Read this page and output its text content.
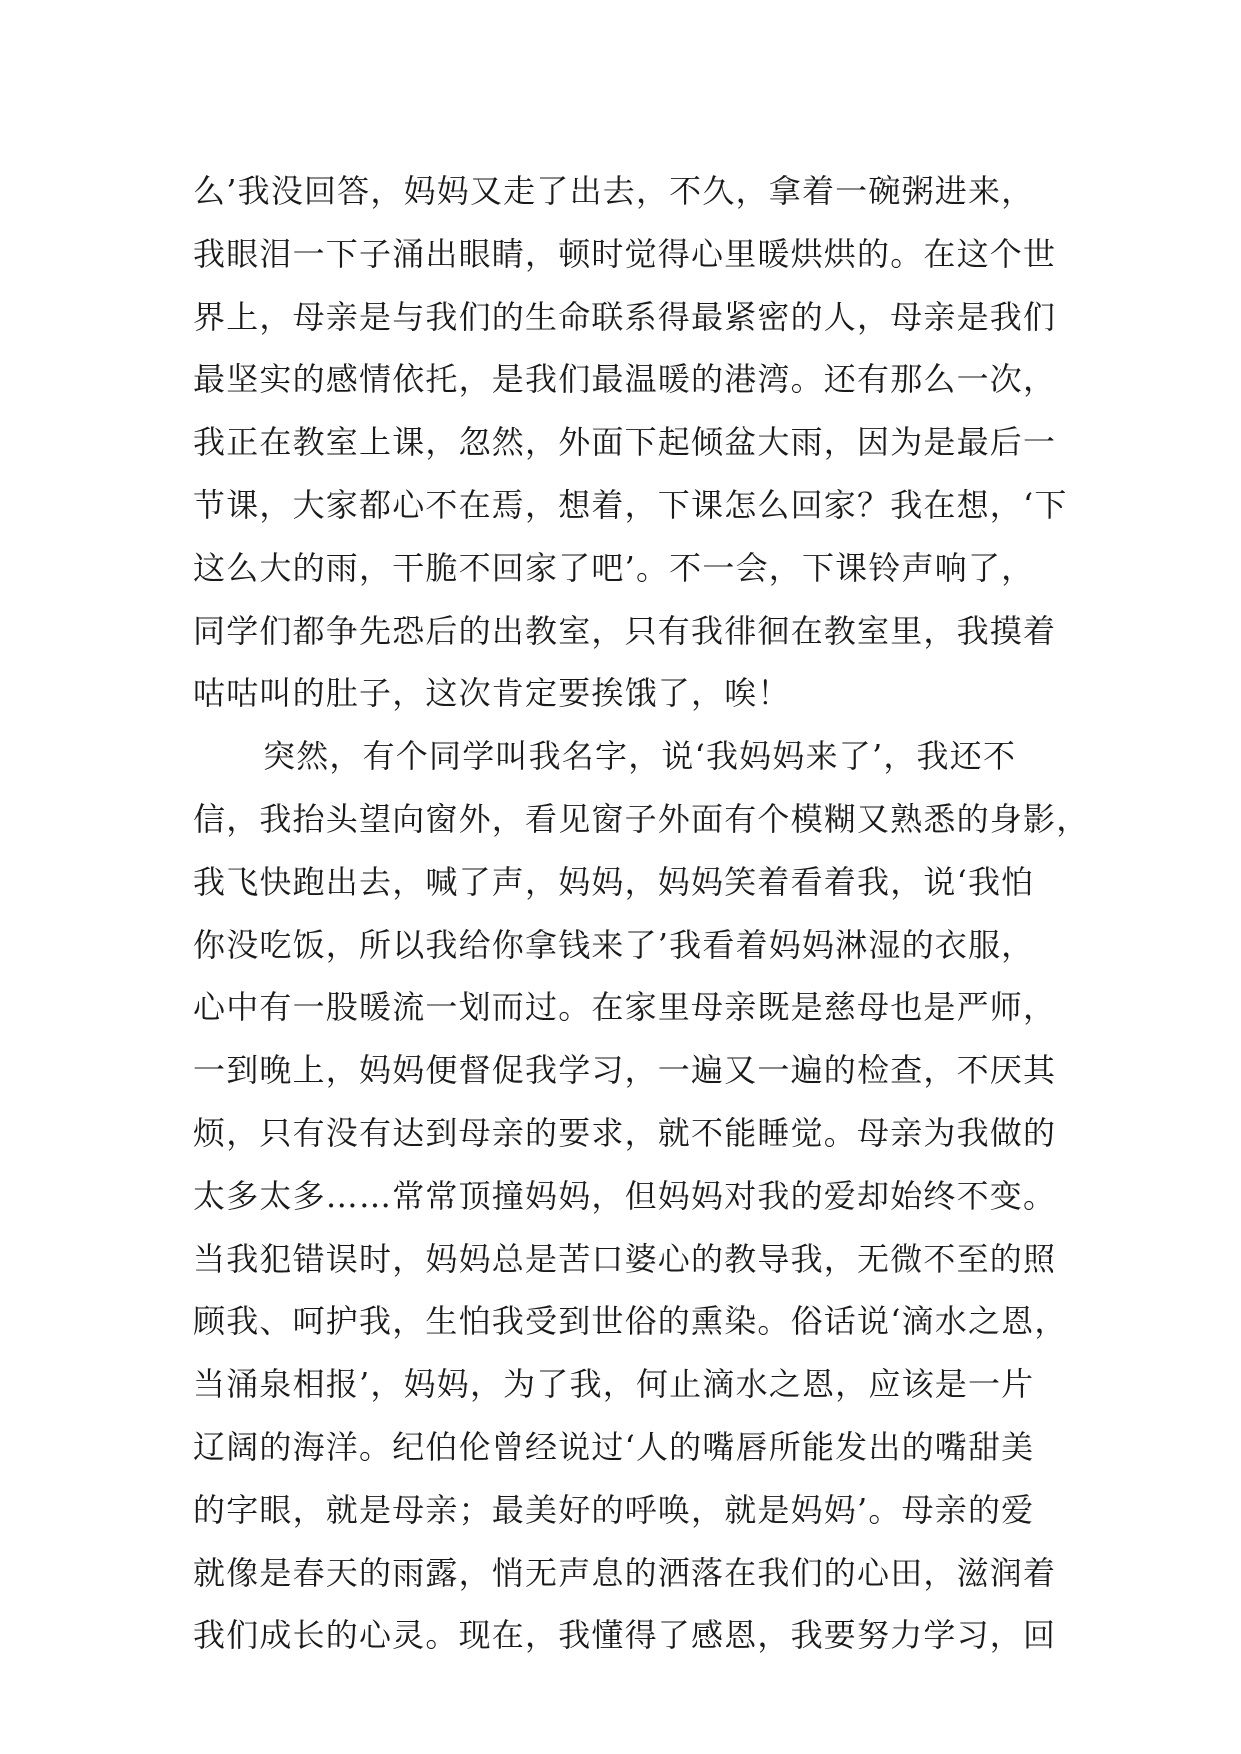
么’我没回答，妈妈又走了出去，不久，拿着一碗粥进来，
我眼泪一下子涌出眼睛，顿时觉得心里暖烘烘的。在这个世
界上，母亲是与我们的生命联系得最紧密的人，母亲是我们
最坚实的感情依托，是我们最温暖的港湾。还有那么一次，
我正在教室上课，忽然，外面下起倾盆大雨，因为是最后一
节课，大家都心不在焉，想着，下课怎么回家？我在想，‘下
这么大的雨，干脆不回家了吧’。不一会，下课铃声响了，
同学们都争先恐后的出教室，只有我徘徊在教室里，我摸着
咕咕叫的肚子，这次肯定要挨饿了，唉！
突然，有个同学叫我名字，说‘我妈妈来了’，我还不
信，我抬头望向窗外，看见窗子外面有个模糊又熟悉的身影，
我飞快跑出去，喊了声，妈妈，妈妈笑着看着我，说‘我怕
你没吃饭，所以我给你拿钱来了’我看着妈妈淋湿的衣服，
心中有一股暖流一划而过。在家里母亲既是慈母也是严师，
一到晚上，妈妈便督促我学习，一遍又一遍的检查，不厌其
烦，只有没有达到母亲的要求，就不能睡觉。母亲为我做的
太多太多……常常顶撞妈妈，但妈妈对我的爱却始终不变。
当我犯错误时，妈妈总是苦口婆心的教导我，无微不至的照
顾我、呵护我，生怕我受到世俗的熏染。俗话说‘滴水之恩，
当涌泉相报’，妈妈，为了我，何止滴水之恩，应该是一片
辽阔的海洋。纪伯伦曾经说过‘人的嘴唇所能发出的嘴甜美
的字眼，就是母亲；最美好的呼唤，就是妈妈’。母亲的爱
就像是春天的雨露，悄无声息的洒落在我们的心田，滋润着
我们成长的心灵。现在，我懂得了感恩，我要努力学习，回
